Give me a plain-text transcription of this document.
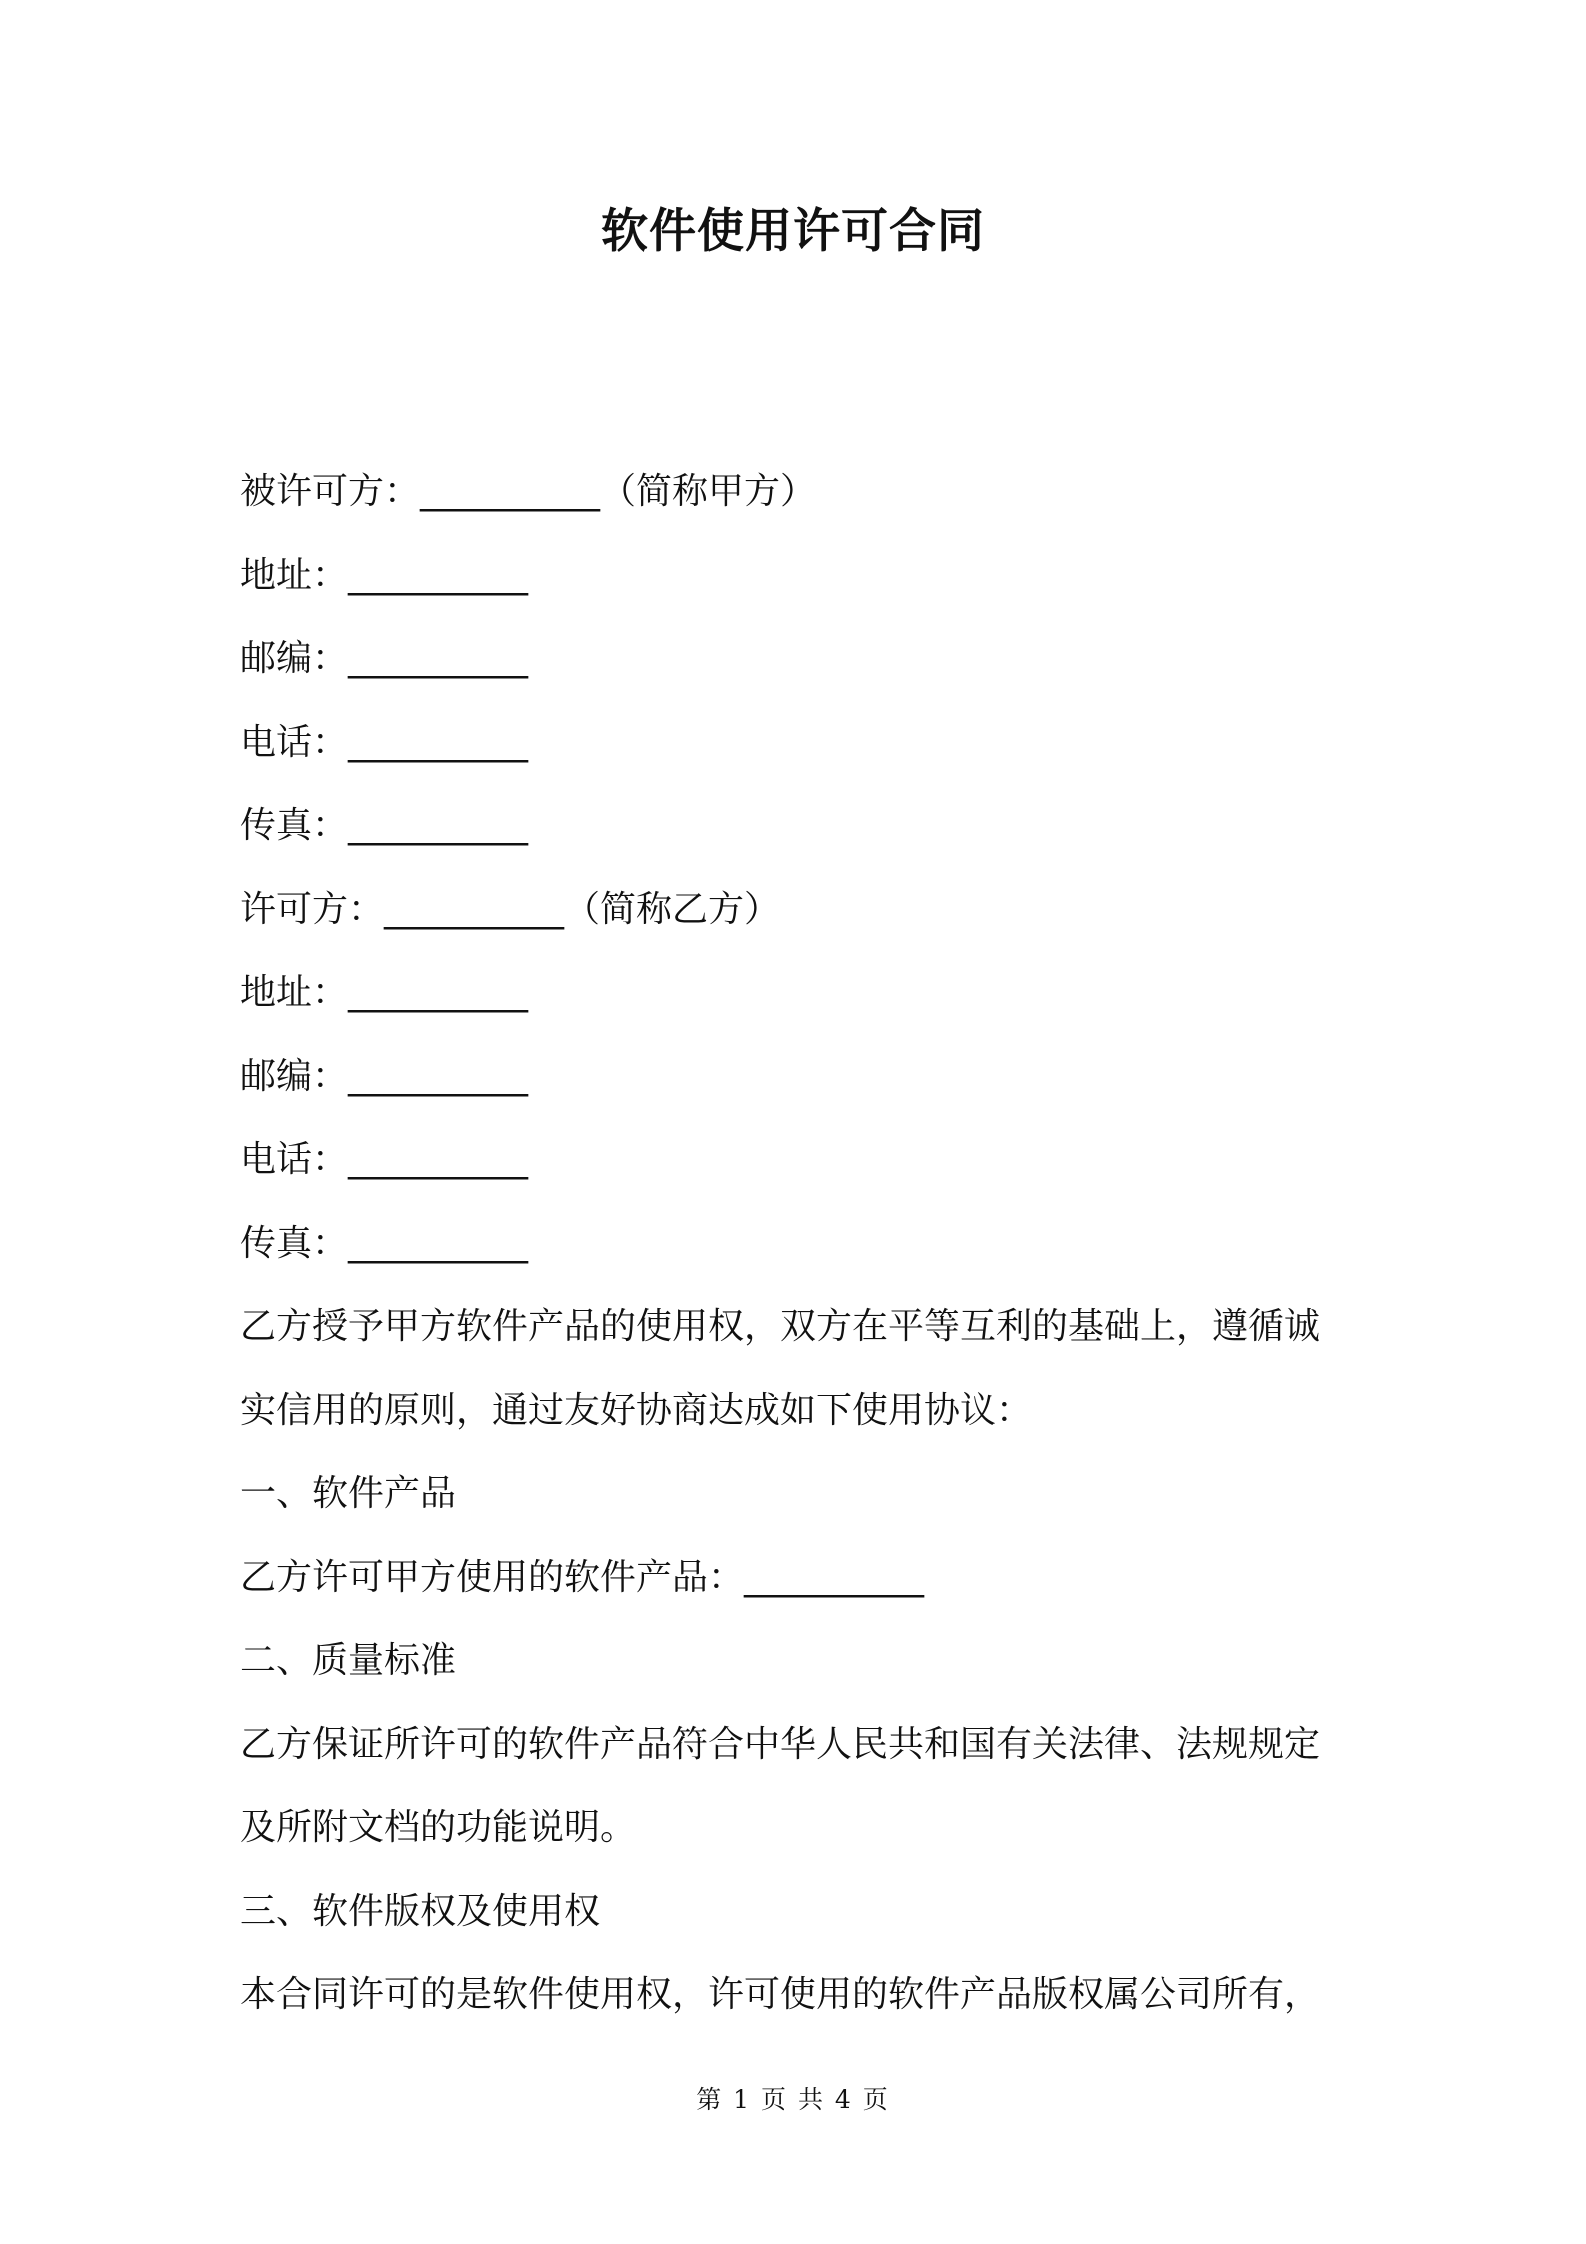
软件使用许可合同
被许可方：__________（简称甲方）
地址：__________
邮编：__________
电话：__________
传真：__________
许可方：__________（简称乙方）
地址：__________
邮编：__________
电话：__________
传真：__________
乙方授予甲方软件产品的使用权，双方在平等互利的基础上，遵循诚
实信用的原则，通过友好协商达成如下使用协议：
一、软件产品
乙方许可甲方使用的软件产品：__________
二、质量标准
乙方保证所许可的软件产品符合中华人民共和国有关法律、法规规定
及所附文档的功能说明。
三、软件版权及使用权
本合同许可的是软件使用权，许可使用的软件产品版权属公司所有，
第 1 页 共 4 页
